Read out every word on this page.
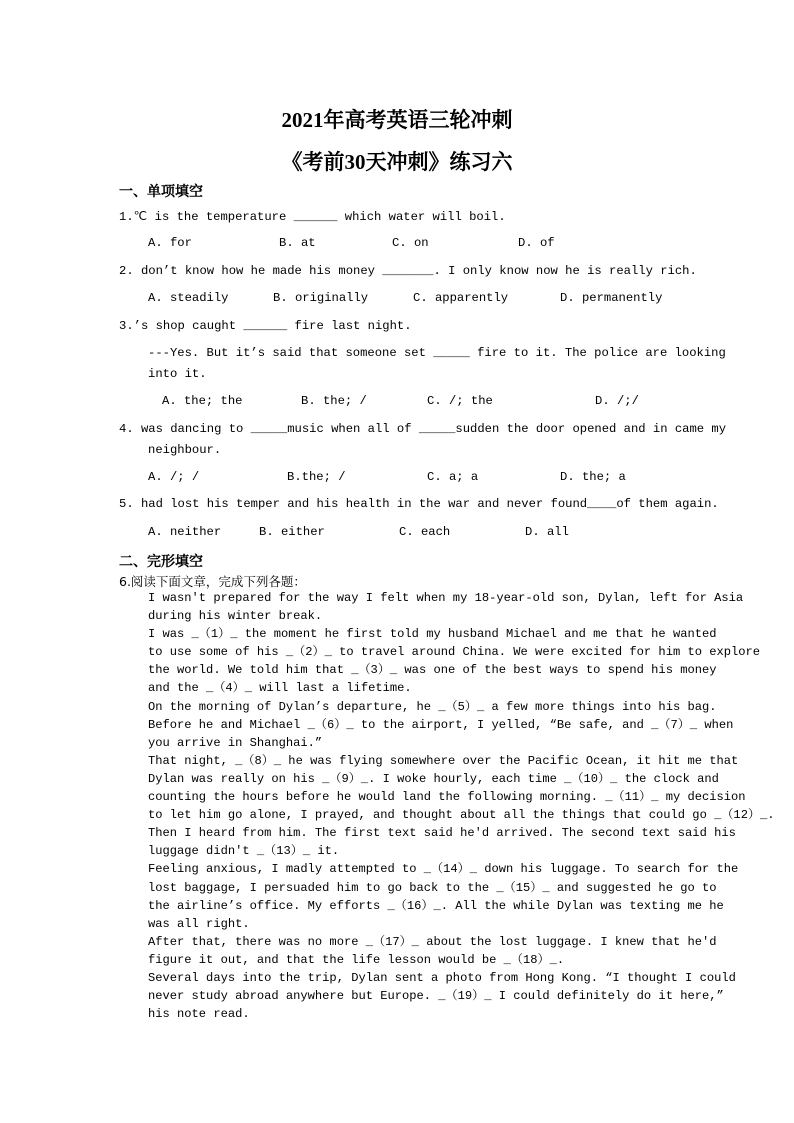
2021年高考英语三轮冲刺
《考前30天冲刺》练习六
一、单项填空
1.℃ is the temperature ______ which water will boil.
A. for	B. at	C. on	D. of
2. don’t know how he made his money _______. I only know now he is really rich.
A. steadily	B. originally	C. apparently	D. permanently
3.’s shop caught ______ fire last night.
---Yes. But it’s said that someone set _____ fire to it. The police are looking
into it.
A. the; the	B. the; /	C. /; the	D. /;/
4. was dancing to _____music when all of _____sudden the door opened and in came my
neighbour.
A. /; /	B.the; /	C. a; a	D. the; a
5. had lost his temper and his health in the war and never found____of them again.
A. neither	B. either	C. each	D. all
二、完形填空
6.阅读下面文章，完成下列各题：
I wasn't prepared for the way I felt when my 18-year-old son, Dylan, left for Asia
during his winter break.
I was _（1）_ the moment he first told my husband Michael and me that he wanted
to use some of his _（2）_ to travel around China. We were excited for him to explore
the world. We told him that _（3）_ was one of the best ways to spend his money
and the _（4）_ will last a lifetime.
On the morning of Dylan’s departure, he _（5）_ a few more things into his bag.
Before he and Michael _（6）_ to the airport, I yelled, “Be safe, and _（7）_ when
you arrive in Shanghai.”
That night, _（8）_ he was flying somewhere over the Pacific Ocean, it hit me that
Dylan was really on his _（9）_. I woke hourly, each time _（10）_ the clock and
counting the hours before he would land the following morning. _（11）_ my decision
to let him go alone, I prayed, and thought about all the things that could go _（12）_.
Then I heard from him. The first text said he'd arrived. The second text said his
luggage didn't _（13）_ it.
Feeling anxious, I madly attempted to _（14）_ down his luggage. To search for the
lost baggage, I persuaded him to go back to the _（15）_ and suggested he go to
the airline’s office. My efforts _（16）_. All the while Dylan was texting me he
was all right.
After that, there was no more _（17）_ about the lost luggage. I knew that he'd
figure it out, and that the life lesson would be _（18）_.
Several days into the trip, Dylan sent a photo from Hong Kong. “I thought I could
never study abroad anywhere but Europe. _（19）_ I could definitely do it here,”
his note read.
